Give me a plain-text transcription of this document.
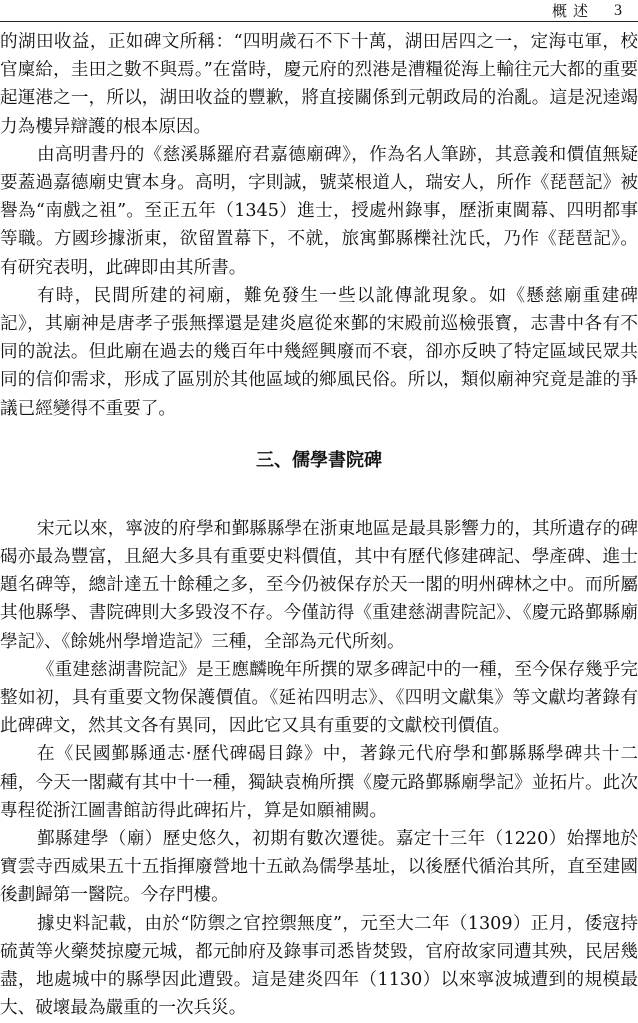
概述 3

的湖田收益，正如碑文所稱：“四明歲石不下十萬，湖田居四之一，定海屯軍，校官廩給，圭田之數不與焉。”在當時，慶元府的烈港是漕糧從海上輸往元大都的重要起運港之一，所以，湖田收益的豐歉，將直接關係到元朝政局的治亂。這是況逵竭力為樓异辯護的根本原因。

由高明書丹的《慈溪縣羅府君嘉德廟碑》，作為名人筆跡，其意義和價值無疑要蓋過嘉德廟史實本身。高明，字則誠，號菜根道人，瑞安人，所作《琵琶記》被譽為“南戲之祖”。至正五年（1345）進士，授處州錄事，歷浙東閫幕、四明都事等職。方國珍據浙東，欲留置幕下，不就，旅寓鄞縣櫟社沈氏，乃作《琵琶記》。有研究表明，此碑即由其所書。

有時，民間所建的祠廟，難免發生一些以訛傳訛現象。如《懸慈廟重建碑記》，其廟神是唐孝子張無擇還是建炎扈從來鄞的宋殿前巡檢張寳，志書中各有不同的說法。但此廟在過去的幾百年中幾經興廢而不衰，卻亦反映了特定區域民眾共同的信仰需求，形成了區別於其他區域的鄉風民俗。所以，類似廟神究竟是誰的爭議已經變得不重要了。

三、儒學書院碑

宋元以來，寧波的府學和鄞縣縣學在浙東地區是最具影響力的，其所遺存的碑碣亦最為豐富，且絕大多具有重要史料價值，其中有歷代修建碑記、學產碑、進士題名碑等，總計達五十餘種之多，至今仍被保存於天一閣的明州碑林之中。而所屬其他縣學、書院碑則大多毀沒不存。今僅訪得《重建慈湖書院記》、《慶元路鄞縣廟學記》、《餘姚州學增造記》三種，全部為元代所刻。

《重建慈湖書院記》是王應麟晚年所撰的眾多碑記中的一種，至今保存幾乎完整如初，具有重要文物保護價值。《延祐四明志》、《四明文獻集》等文獻均著錄有此碑碑文，然其文各有異同，因此它又具有重要的文獻校刊價值。

在《民國鄞縣通志·歷代碑碣目錄》中，著錄元代府學和鄞縣縣學碑共十二種，今天一閣藏有其中十一種，獨缺袁桷所撰《慶元路鄞縣廟學記》並拓片。此次專程從浙江圖書館訪得此碑拓片，算是如願補闕。

鄞縣建學（廟）歷史悠久，初期有數次遷徙。嘉定十三年（1220）始擇地於寶雲寺西威果五十五指揮廢營地十五畝為儒學基址，以後歷代循治其所，直至建國後劃歸第一醫院。今存門樓。

據史料記載，由於“防禦之官控禦無度”，元至大二年（1309）正月，倭寇持硫黃等火藥焚掠慶元城，都元帥府及錄事司悉皆焚毀，官府故家同遭其殃，民居幾盡，地處城中的縣學因此遭毀。這是建炎四年（1130）以來寧波城遭到的規模最大、破壞最為嚴重的一次兵災。
